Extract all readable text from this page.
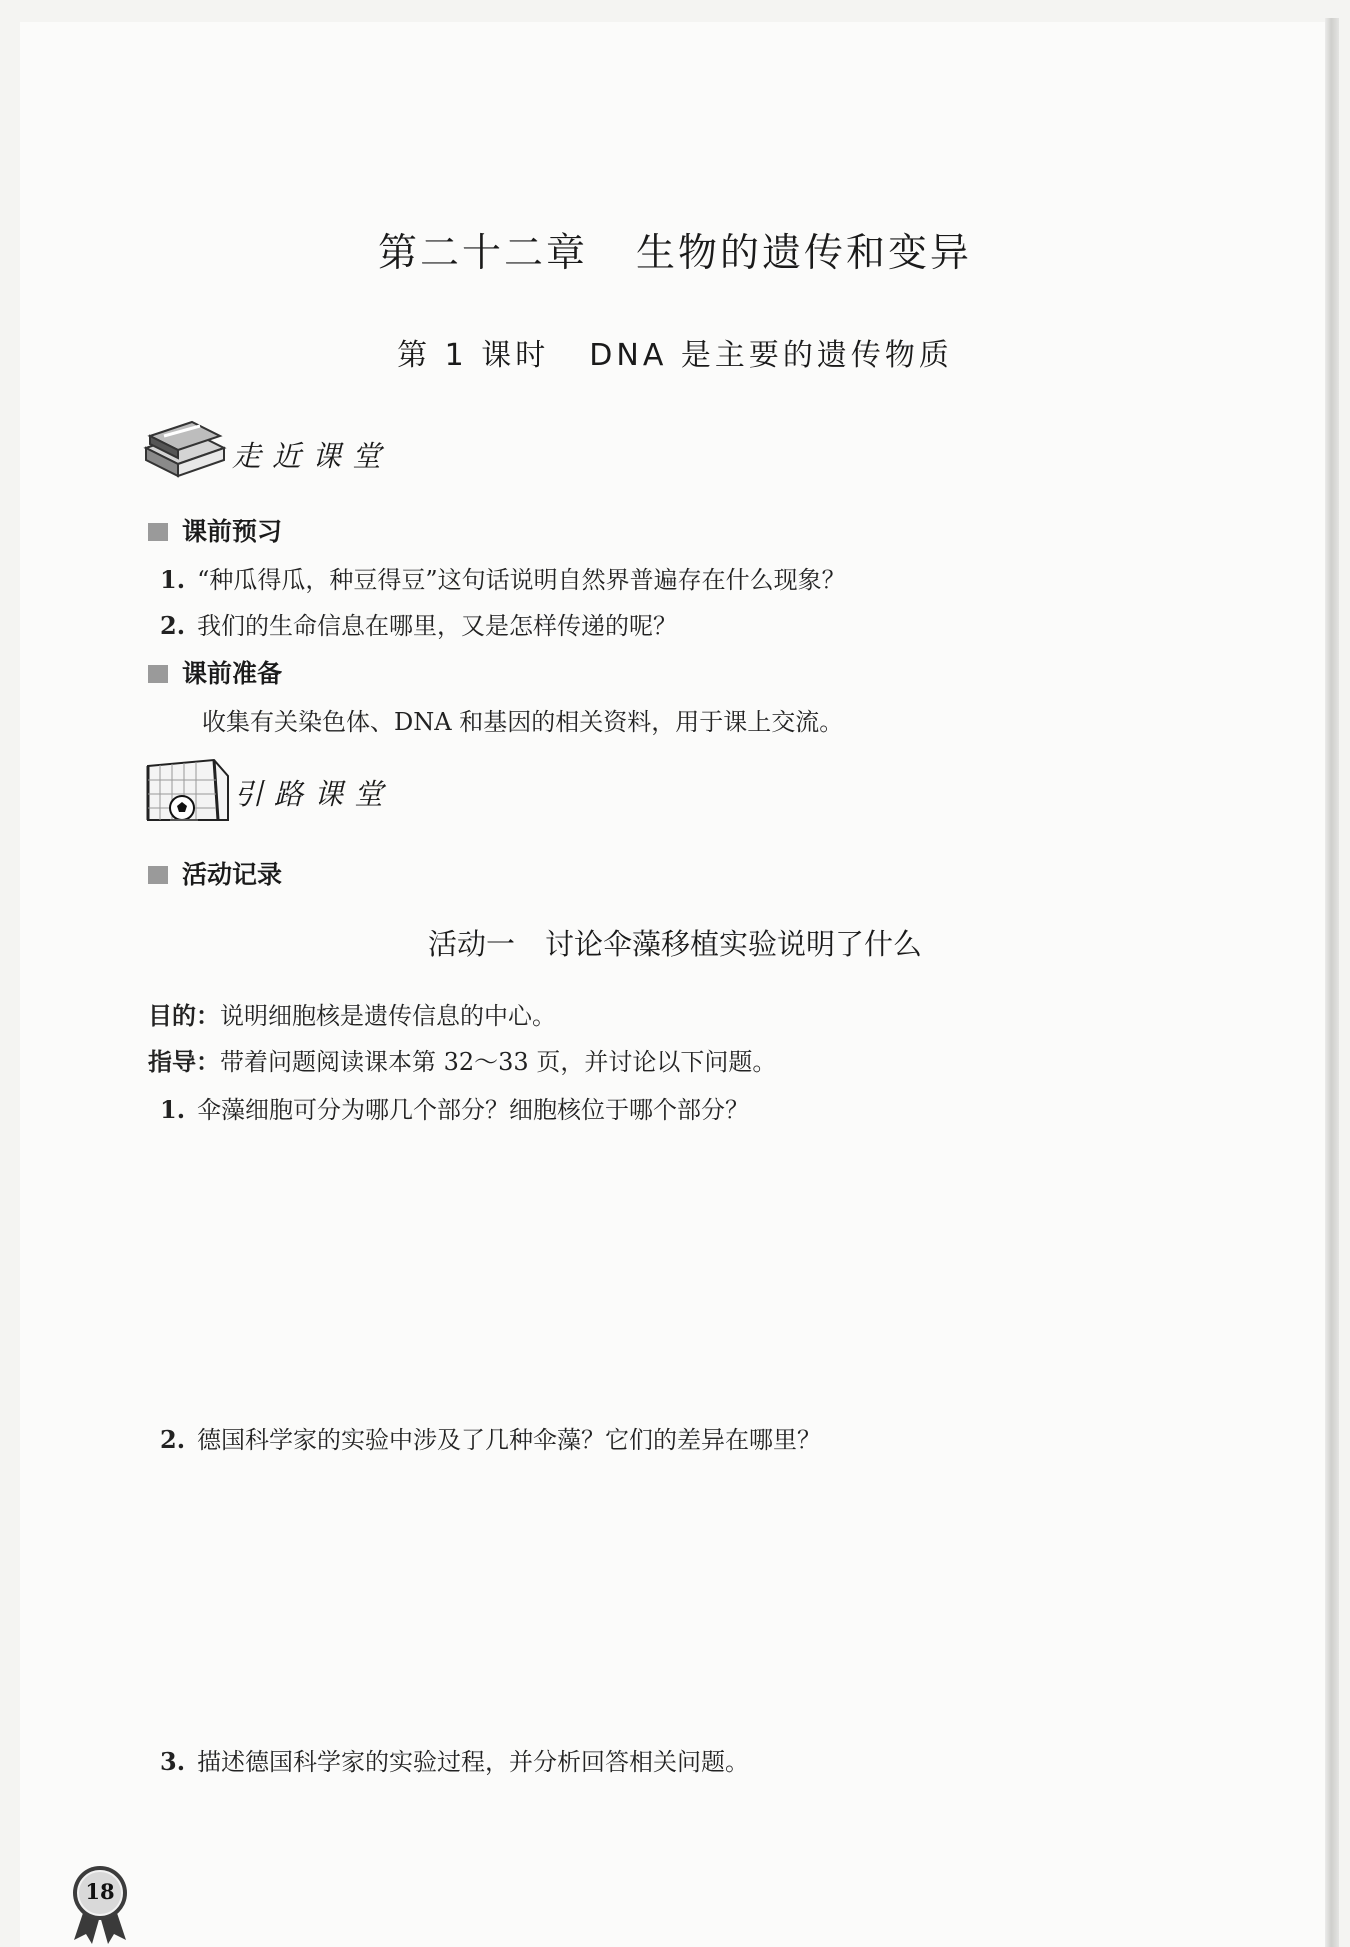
第二十二章 生物的遗传和变异
第 1 课时 DNA 是主要的遗传物质
走近课堂
课前预习
1. “种瓜得瓜，种豆得豆”这句话说明自然界普遍存在什么现象？
2. 我们的生命信息在哪里，又是怎样传递的呢？
课前准备
收集有关染色体、DNA 和基因的相关资料，用于课上交流。
引路课堂
活动记录
活动一 讨论伞藻移植实验说明了什么
目的：说明细胞核是遗传信息的中心。
指导：带着问题阅读课本第 32～33 页，并讨论以下问题。
1. 伞藻细胞可分为哪几个部分？细胞核位于哪个部分？
2. 德国科学家的实验中涉及了几种伞藻？它们的差异在哪里？
3. 描述德国科学家的实验过程，并分析回答相关问题。
18
